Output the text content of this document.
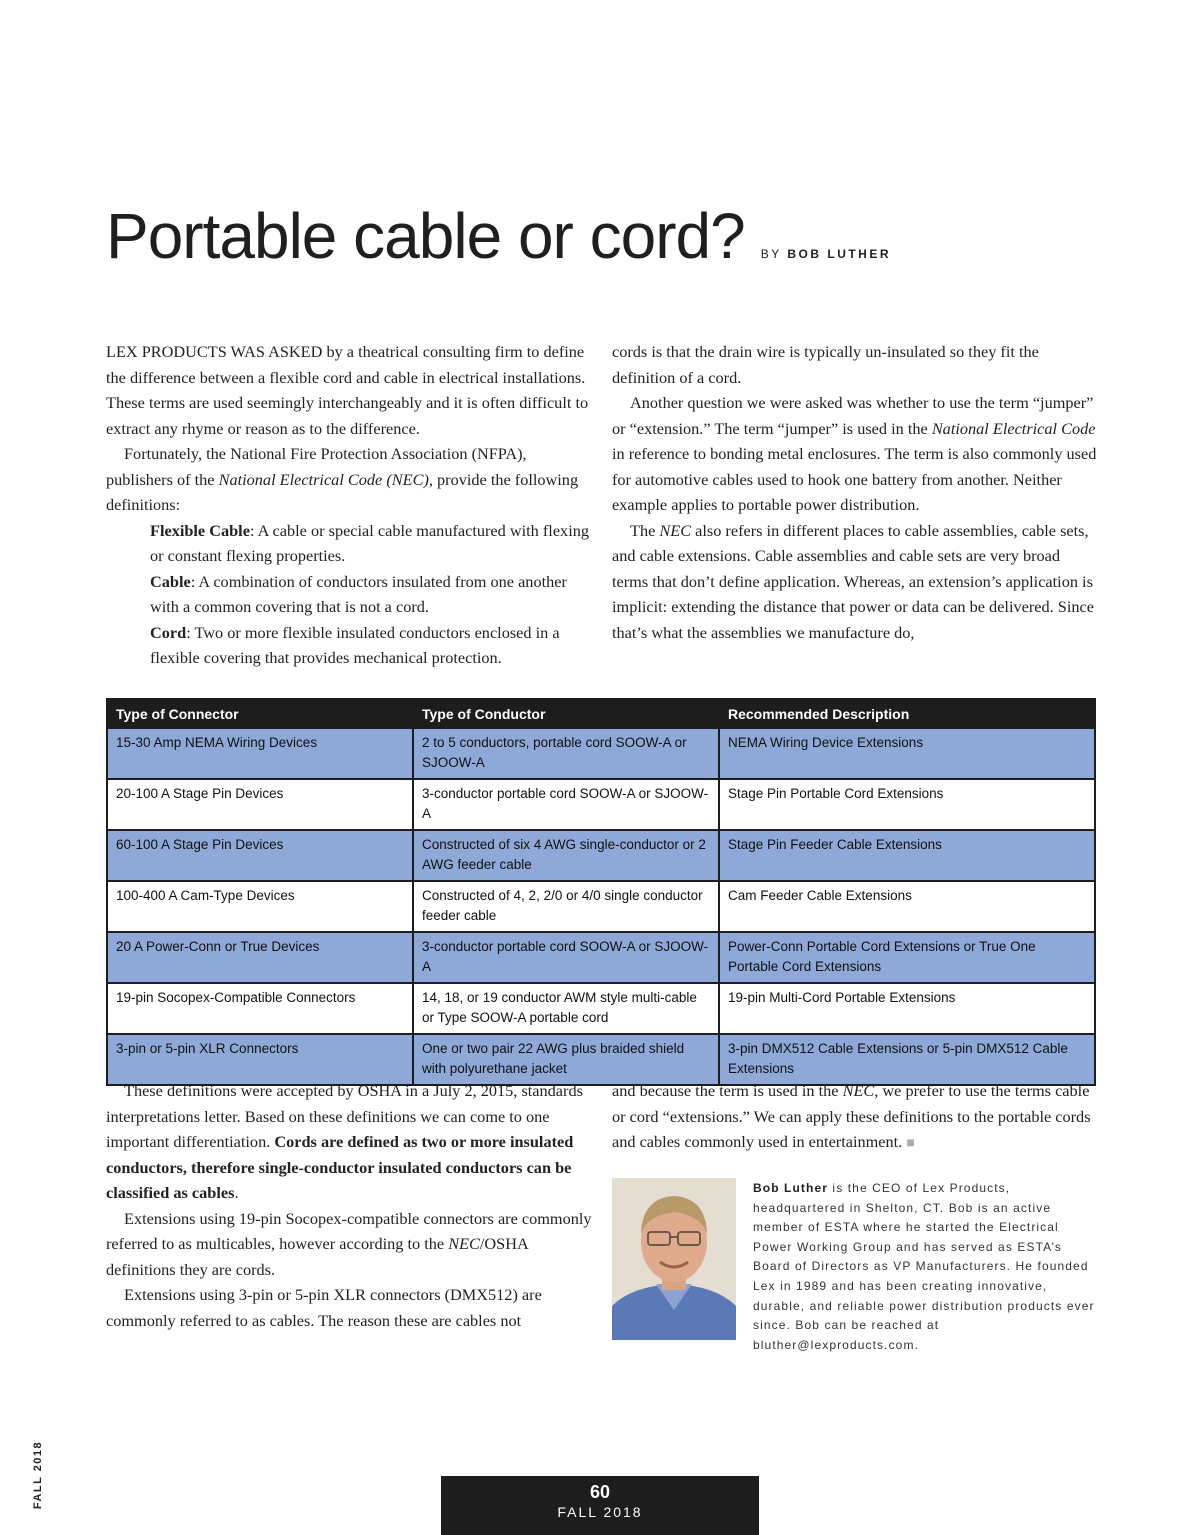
Portable cable or cord? BY BOB LUTHER

LEX PRODUCTS WAS ASKED by a theatrical consulting firm to define the difference between a flexible cord and cable in electrical installations. These terms are used seemingly interchangeably and it is often difficult to extract any rhyme or reason as to the difference.

Fortunately, the National Fire Protection Association (NFPA), publishers of the National Electrical Code (NEC), provide the following definitions:

Flexible Cable: A cable or special cable manufactured with flexing or constant flexing properties.

Cable: A combination of conductors insulated from one another with a common covering that is not a cord.

Cord: Two or more flexible insulated conductors enclosed in a flexible covering that provides mechanical protection.

cords is that the drain wire is typically un-insulated so they fit the definition of a cord.

Another question we were asked was whether to use the term “jumper” or “extension.” The term “jumper” is used in the National Electrical Code in reference to bonding metal enclosures. The term is also commonly used for automotive cables used to hook one battery from another. Neither example applies to portable power distribution.

The NEC also refers in different places to cable assemblies, cable sets, and cable extensions. Cable assemblies and cable sets are very broad terms that don’t define application. Whereas, an extension’s application is implicit: extending the distance that power or data can be delivered. Since that’s what the assemblies we manufacture do,

Type of Connector	Type of Conductor	Recommended Description
15-30 Amp NEMA Wiring Devices	2 to 5 conductors, portable cord SOOW-A or SJOOW-A	NEMA Wiring Device Extensions
20-100 A Stage Pin Devices	3-conductor portable cord SOOW-A or SJOOW-A	Stage Pin Portable Cord Extensions
60-100 A Stage Pin Devices	Constructed of six 4 AWG single-conductor or 2 AWG feeder cable	Stage Pin Feeder Cable Extensions
100-400 A Cam-Type Devices	Constructed of 4, 2, 2/0 or 4/0 single conductor feeder cable	Cam Feeder Cable Extensions
20 A Power-Conn or True Devices	3-conductor portable cord SOOW-A or SJOOW-A	Power-Conn Portable Cord Extensions or True One Portable Cord Extensions
19-pin Socopex-Compatible Connectors	14, 18, or 19 conductor AWM style multi-cable or Type SOOW-A portable cord	19-pin Multi-Cord Portable Extensions
3-pin or 5-pin XLR Connectors	One or two pair 22 AWG plus braided shield with polyurethane jacket	3-pin DMX512 Cable Extensions or 5-pin DMX512 Cable Extensions

These definitions were accepted by OSHA in a July 2, 2015, standards interpretations letter. Based on these definitions we can come to one important differentiation. Cords are defined as two or more insulated conductors, therefore single-conductor insulated conductors can be classified as cables.

Extensions using 19-pin Socopex-compatible connectors are commonly referred to as multicables, however according to the NEC/OSHA definitions they are cords.

Extensions using 3-pin or 5-pin XLR connectors (DMX512) are commonly referred to as cables. The reason these are cables not

and because the term is used in the NEC, we prefer to use the terms cable or cord “extensions.” We can apply these definitions to the portable cords and cables commonly used in entertainment. ■

Bob Luther is the CEO of Lex Products, headquartered in Shelton, CT. Bob is an active member of ESTA where he started the Electrical Power Working Group and has served as ESTA’s Board of Directors as VP Manufacturers. He founded Lex in 1989 and has been creating innovative, durable, and reliable power distribution products ever since. Bob can be reached at bluther@lexproducts.com.

FALL 2018	60
FALL 2018
